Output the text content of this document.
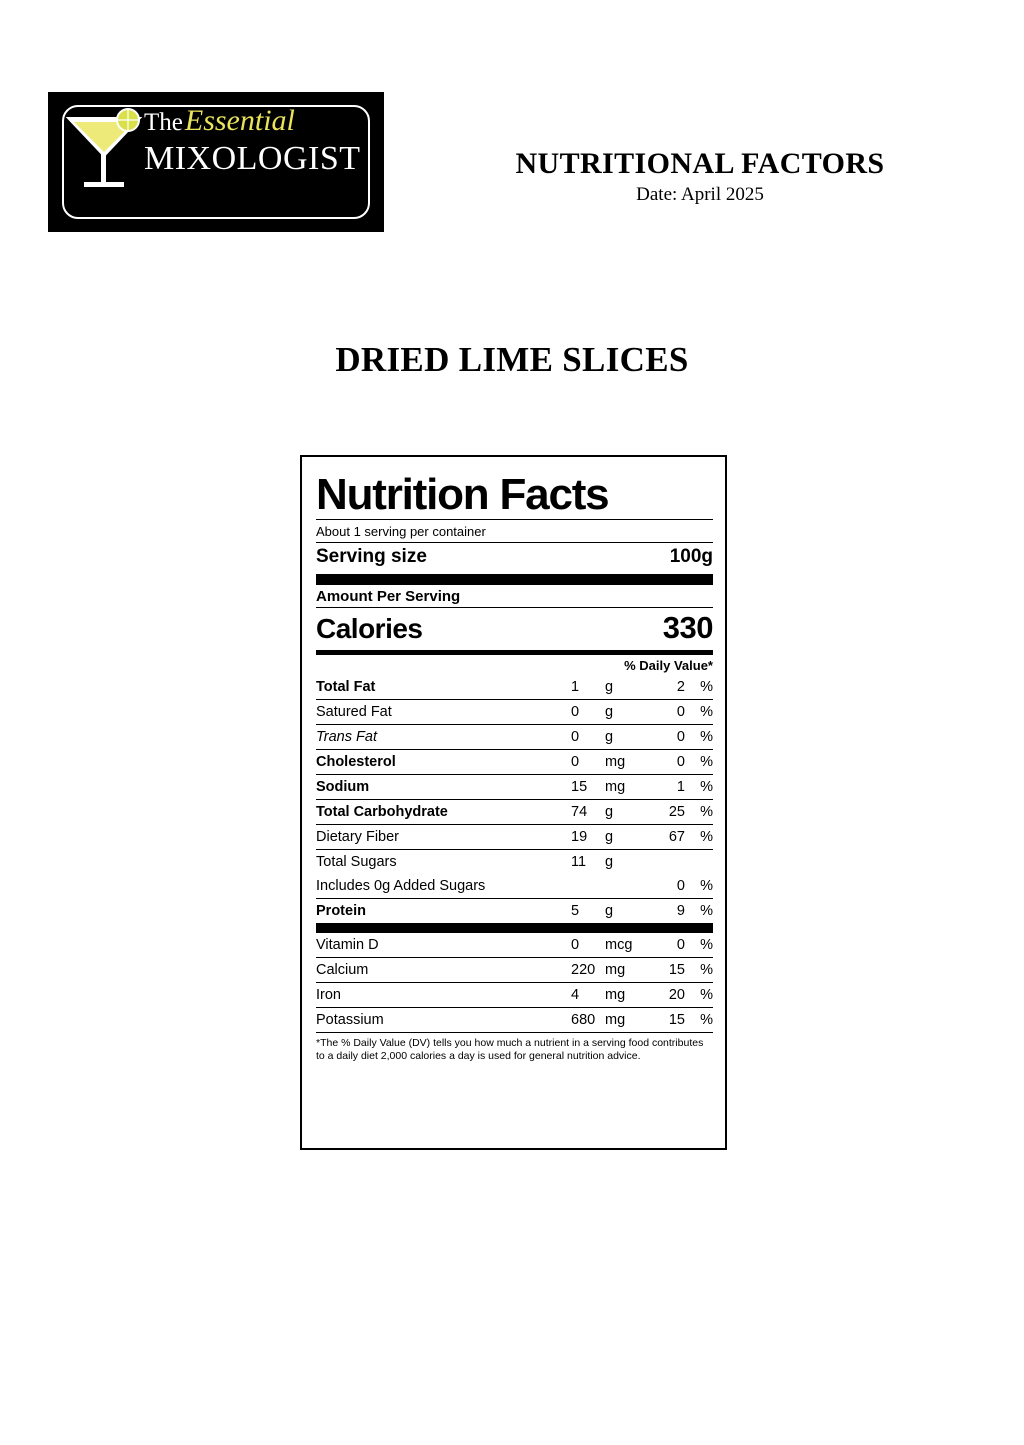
TheEssential
MIXOLOGIST	NUTRITIONAL FACTORS
Date: April 2025
DRIED LIME SLICES
Nutrition Facts
About 1 serving per container
Serving size	100g
Amount Per Serving
Calories	330
% Daily Value*
Total Fat	1	g	2	%
Satured Fat	0	g	0	%
Trans Fat	0	g	0	%
Cholesterol	0	mg	0	%
Sodium	15	mg	1	%
Total Carbohydrate	74	g	25	%
Dietary Fiber	19	g	67	%
Total Sugars	11	g		
Includes 0g Added Sugars			0	%
Protein	5	g	9	%
Vitamin D	0	mcg	0	%
Calcium	220	mg	15	%
Iron	4	mg	20	%
Potassium	680	mg	15	%
*The % Daily Value (DV) tells you how much a nutrient in a serving food contributes to a daily diet 2,000 calories a day is used for general nutrition advice.
